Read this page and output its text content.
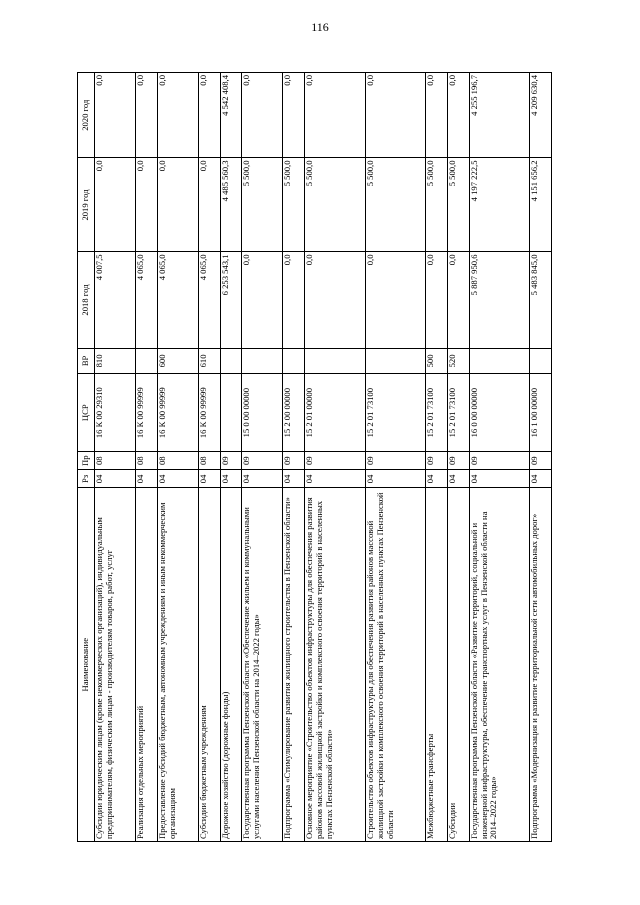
116
Наименование	Рз	Пр	ЦСР	ВР	2018 год	2019 год	2020 год
Субсидии юридическим лицам (кроме некоммерческих организаций), индивидуальным предпринимателям, физическим лицам - производителям товаров, работ, услуг	04	08	16 К 00 29310	810	4 007,5	0,0	0,0
Реализация отдельных мероприятий	04	08	16 К 00 99999		4 065,0	0,0	0,0
Предоставление субсидий бюджетным, автономным учреждениям и иным некоммерческим организациям	04	08	16 К 00 99999	600	4 065,0	0,0	0,0
Субсидии бюджетным учреждениям	04	08	16 К 00 99999	610	4 065,0	0,0	0,0
Дорожное хозяйство (дорожные фонды)	04	09			6 253 543,1	4 485 560,3	4 542 408,4
Государственная программа Пензенской области «Обеспечение жильем и коммунальными услугами населения Пензенской области на 2014–2022 годы»	04	09	15 0 00 00000		0,0	5 500,0	0,0
Подпрограмма «Стимулирование развития жилищного строительства в Пензенской области»	04	09	15 2 00 00000		0,0	5 500,0	0,0
Основное мероприятие «Строительство объектов инфраструктуры для обеспечения развития районов массовой жилищной застройки и комплексного освоения территорий в населенных пунктах Пензенской области»	04	09	15 2 01 00000		0,0	5 500,0	0,0
Строительство объектов инфраструктуры для обеспечения развития районов массовой жилищной застройки и комплексного освоения территорий в населенных пунктах Пензенской области	04	09	15 2 01 73100		0,0	5 500,0	0,0
Межбюджетные трансферты	04	09	15 2 01 73100	500	0,0	5 500,0	0,0
Субсидии	04	09	15 2 01 73100	520	0,0	5 500,0	0,0
Государственная программа Пензенской области «Развитие территорий, социальной и инженерной инфраструктуры, обеспечение транспортных услуг в Пензенской области на 2014–2022 годы»	04	09	16 0 00 00000		5 887 950,6	4 197 222,5	4 255 196,7
Подпрограмма «Модернизация и развитие территориальной сети автомобильных дорог»	04	09	16 1 00 00000		5 483 845,0	4 151 656,2	4 209 630,4
